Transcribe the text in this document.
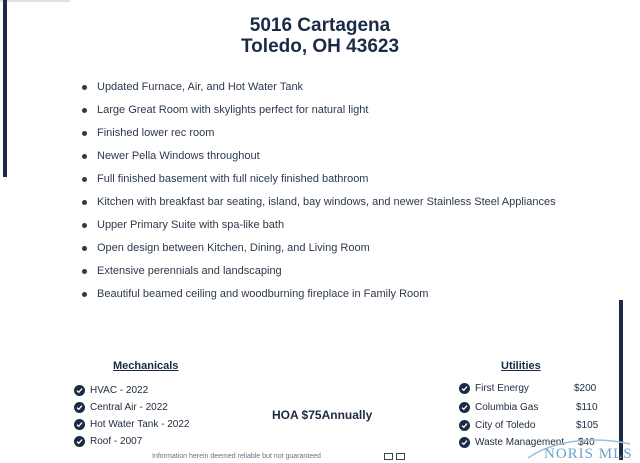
5016 Cartagena
Toledo, OH 43623
Updated Furnace, Air, and Hot Water Tank
Large Great Room with skylights perfect for natural light
Finished lower rec room
Newer Pella Windows throughout
Full finished basement with full nicely finished bathroom
Kitchen with breakfast bar seating, island, bay windows, and newer Stainless Steel Appliances
Upper Primary Suite with spa-like bath
Open design between Kitchen, Dining, and Living Room
Extensive perennials and landscaping
Beautiful beamed ceiling and woodburning fireplace in Family Room
Mechanicals
HVAC - 2022
Central Air - 2022
Hot Water Tank - 2022
Roof - 2007
HOA $75Annually
Utilities
First Energy	$200
Columbia Gas	$110
City of Toledo	$105
Waste Management $40
Information herein deemed reliable but not guaranteed	NORIS MLS
